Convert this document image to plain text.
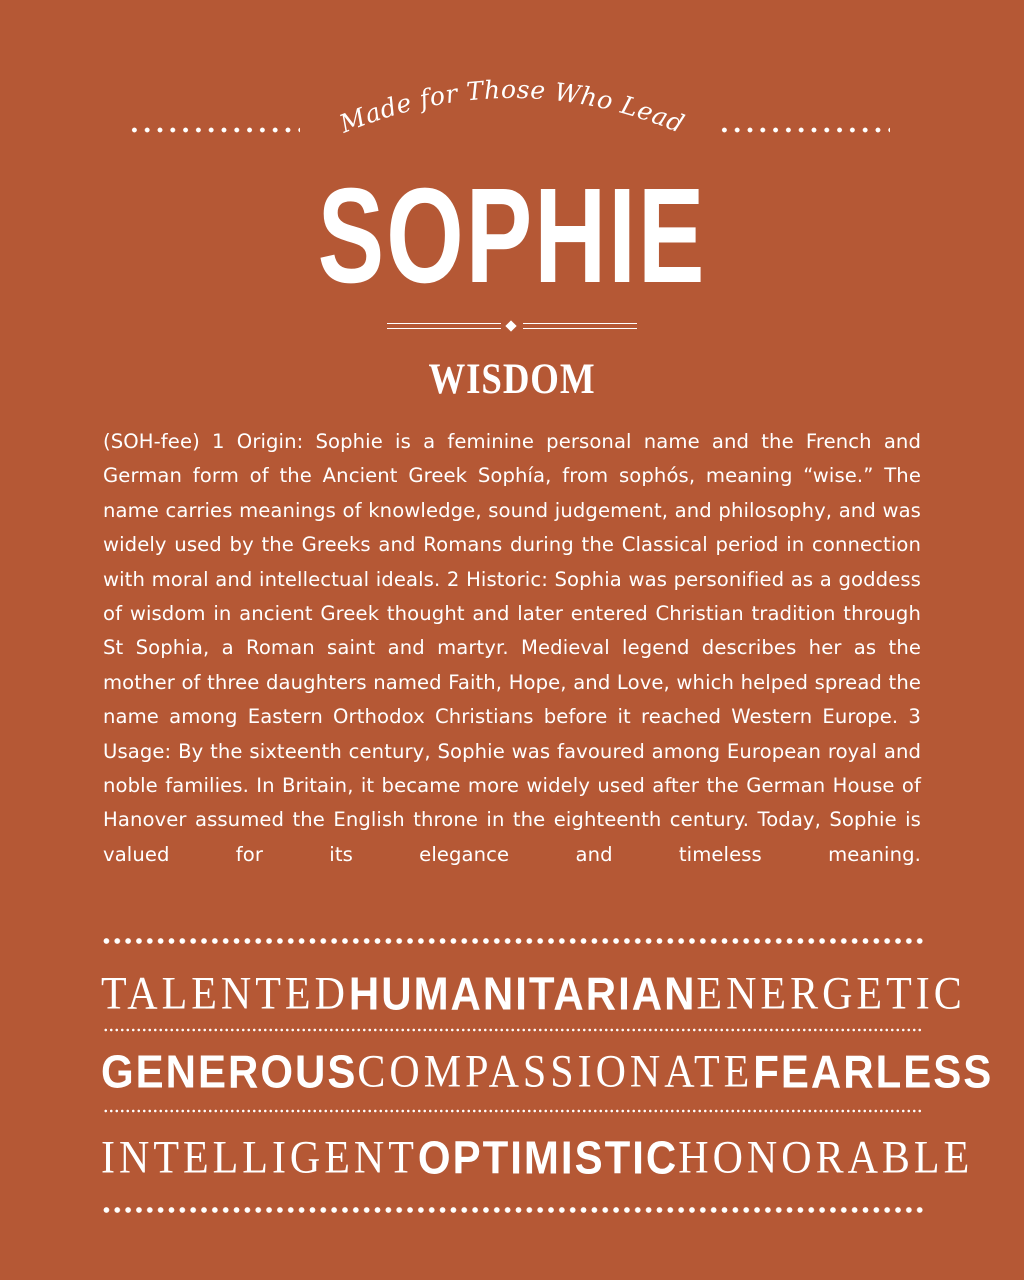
Made for Those Who Lead
SOPHIE
WISDOM

(SOH-fee) 1 Origin: Sophie is a feminine personal name and the French and German form of the Ancient Greek Sophía, from sophós, meaning “wise.” The name carries meanings of knowledge, sound judgement, and philosophy, and was widely used by the Greeks and Romans during the Classical period in connection with moral and intellectual ideals. 2 Historic: Sophia was personified as a goddess of wisdom in ancient Greek thought and later entered Christian tradition through St Sophia, a Roman saint and martyr. Medieval legend describes her as the mother of three daughters named Faith, Hope, and Love, which helped spread the name among Eastern Orthodox Christians before it reached Western Europe. 3 Usage: By the sixteenth century, Sophie was favoured among European royal and noble families. In Britain, it became more widely used after the German House of Hanover assumed the English throne in the eighteenth century. Today, Sophie is valued for its elegance and timeless meaning.

TALENTED HUMANITARIAN ENERGETIC
GENEROUS COMPASSIONATE FEARLESS
INTELLIGENT OPTIMISTIC HONORABLE
